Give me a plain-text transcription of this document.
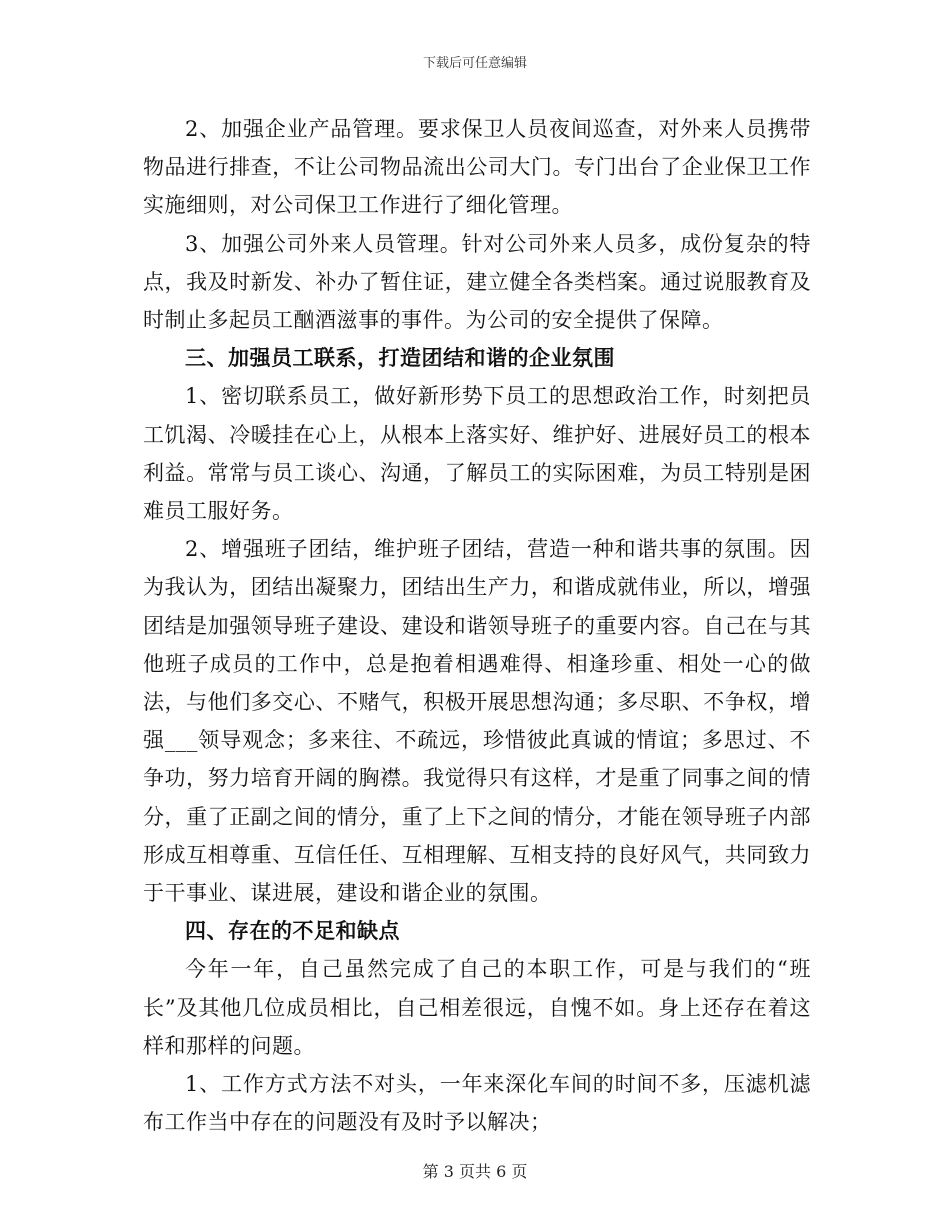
下载后可任意编辑

2、加强企业产品管理。要求保卫人员夜间巡查，对外来人员携带物品进行排查，不让公司物品流出公司大门。专门出台了企业保卫工作实施细则，对公司保卫工作进行了细化管理。

3、加强公司外来人员管理。针对公司外来人员多，成份复杂的特点，我及时新发、补办了暂住证，建立健全各类档案。通过说服教育及时制止多起员工酗酒滋事的事件。为公司的安全提供了保障。

三、加强员工联系，打造团结和谐的企业氛围

1、密切联系员工，做好新形势下员工的思想政治工作，时刻把员工饥渴、冷暖挂在心上，从根本上落实好、维护好、进展好员工的根本利益。常常与员工谈心、沟通，了解员工的实际困难，为员工特别是困难员工服好务。

2、增强班子团结，维护班子团结，营造一种和谐共事的氛围。因为我认为，团结出凝聚力，团结出生产力，和谐成就伟业，所以，增强团结是加强领导班子建设、建设和谐领导班子的重要内容。自己在与其他班子成员的工作中，总是抱着相遇难得、相逢珍重、相处一心的做法，与他们多交心、不赌气，积极开展思想沟通；多尽职、不争权，增强___领导观念；多来往、不疏远，珍惜彼此真诚的情谊；多思过、不争功，努力培育开阔的胸襟。我觉得只有这样，才是重了同事之间的情分，重了正副之间的情分，重了上下之间的情分，才能在领导班子内部形成互相尊重、互信任任、互相理解、互相支持的良好风气，共同致力于干事业、谋进展，建设和谐企业的氛围。

四、存在的不足和缺点

今年一年，自己虽然完成了自己的本职工作，可是与我们的“班长”及其他几位成员相比，自己相差很远，自愧不如。身上还存在着这样和那样的问题。

1、工作方式方法不对头，一年来深化车间的时间不多，压滤机滤布工作当中存在的问题没有及时予以解决；

第 3 页共 6 页
